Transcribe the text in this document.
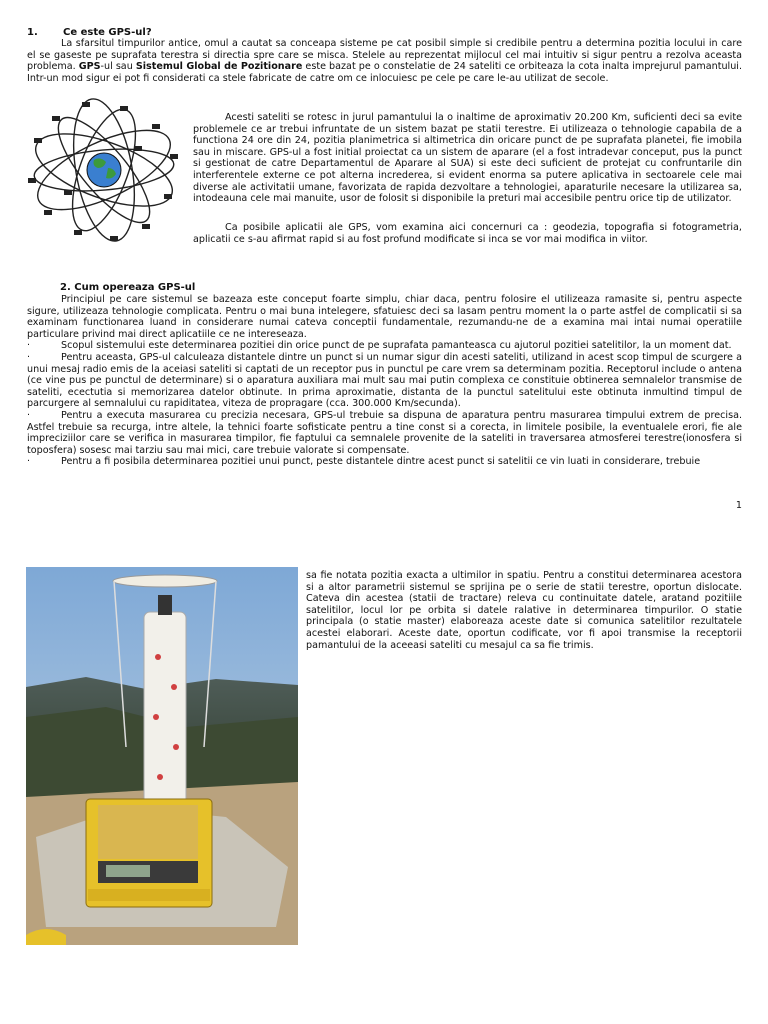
1.	Ce este GPS-ul?

La sfarsitul timpurilor antice, omul a cautat sa conceapa sisteme pe cat posibil simple si credibile pentru a determina pozitia locului in care el se gaseste pe suprafata terestra si directia spre care se misca. Stelele au reprezentat mijlocul cel mai intuitiv si sigur pentru a rezolva aceasta problema. GPS-ul sau Sistemul Global de Pozitionare este bazat pe o constelatie de 24 sateliti ce orbiteaza la cota inalta imprejurul pamantului. Intr-un mod sigur ei pot fi considerati ca stele fabricate de catre om ce inlocuiesc pe cele pe care le-au utilizat de secole.

Acesti sateliti se rotesc in jurul pamantului la o inaltime de aproximativ 20.200 Km, suficienti deci sa evite problemele ce ar trebui infruntate de un sistem bazat pe statii terestre. Ei utilizeaza o tehnologie capabila de a functiona 24 ore din 24, pozitia planimetrica si altimetrica din oricare punct de pe suprafata planetei, fie imobila sau in miscare. GPS-ul a fost initial proiectat ca un sistem de aparare (el a fost intradevar conceput, pus la punct si gestionat de catre Departamentul de Aparare al SUA) si este deci suficient de protejat cu confruntarile din interferentele externe ce pot alterna increderea, si evident enorma sa putere aplicativa in sectoarele cele mai diverse ale activitatii umane, favorizata de rapida dezvoltare a tehnologiei, aparaturile necesare la utilizarea sa, intodeauna cele mai manuite, usor de folosit si disponibile la preturi mai accesibile pentru orice tip de utilizator.

Ca posibile aplicatii ale GPS, vom examina aici concernuri ca : geodezia, topografia si fotogrametria, aplicatii ce s-au afirmat rapid si au fost profund modificate si inca se vor mai modifica in viitor.

2. Cum opereaza GPS-ul

Principiul pe care sistemul se bazeaza este conceput foarte simplu, chiar daca, pentru folosire el utilizeaza ramasite si, pentru aspecte sigure, utilizeaza tehnologie complicata. Pentru o mai buna intelegere, sfatuiesc deci sa lasam pentru moment la o parte astfel de complicatii si sa examinam functionarea luand in considerare numai cateva conceptii fundamentale, rezumandu-ne de a examina mai intai numai operatiile particulare privind mai direct aplicatiile ce ne intereseaza.

·	Scopul sistemului este determinarea pozitiei din orice punct de pe suprafata pamanteasca cu ajutorul pozitiei satelitilor, la un moment dat.

·	Pentru aceasta, GPS-ul calculeaza distantele dintre un punct si un numar sigur din acesti sateliti, utilizand in acest scop timpul de scurgere a unui mesaj radio emis de la aceiasi sateliti si captati de un receptor pus in punctul pe care vrem sa determinam pozitia. Receptorul include o antena (ce vine pus pe punctul de determinare) si o aparatura auxiliara mai mult sau mai putin complexa ce constituie obtinerea semnalelor transmise de sateliti, ecectutia si memorizarea datelor obtinute. In prima aproximatie, distanta de la punctul satelitului este obtinuta inmultind timpul de parcurgere al semnalului cu rapiditatea, viteza de propragare (cca. 300.000 Km/secunda).

·	Pentru a executa masurarea cu precizia necesara, GPS-ul trebuie sa dispuna de aparatura pentru masurarea timpului extrem de precisa. Astfel trebuie sa recurga, intre altele, la tehnici foarte sofisticate pentru a tine const si a corecta, in limitele posibile, la eventualele erori, fie ale impreciziilor care se verifica in masurarea timpilor, fie faptului ca semnalele provenite de la sateliti in traversarea atmosferei terestre(ionosfera si toposfera) sosesc mai tarziu sau mai mici, care trebuie valorate si compensate.

·	Pentru a fi posibila determinarea pozitiei unui punct, peste distantele dintre acest punct si satelitii ce vin luati in considerare, trebuie

1

sa fie notata pozitia exacta a ultimilor in spatiu. Pentru a constitui determinarea acestora si a altor parametrii sistemul se sprijina pe o serie de statii terestre, oportun dislocate. Cateva din acestea (statii de tractare) releva cu continuitate datele, aratand pozitiile satelitilor, locul lor pe orbita si datele ralative in determinarea timpurilor. O statie principala (o statie master) elaboreaza aceste date si comunica satelitilor rezultatele acestei elaborari. Aceste date, oportun codificate, vor fi apoi transmise la receptorii pamantului de la aceeasi sateliti cu mesajul ca sa fie trimis.
